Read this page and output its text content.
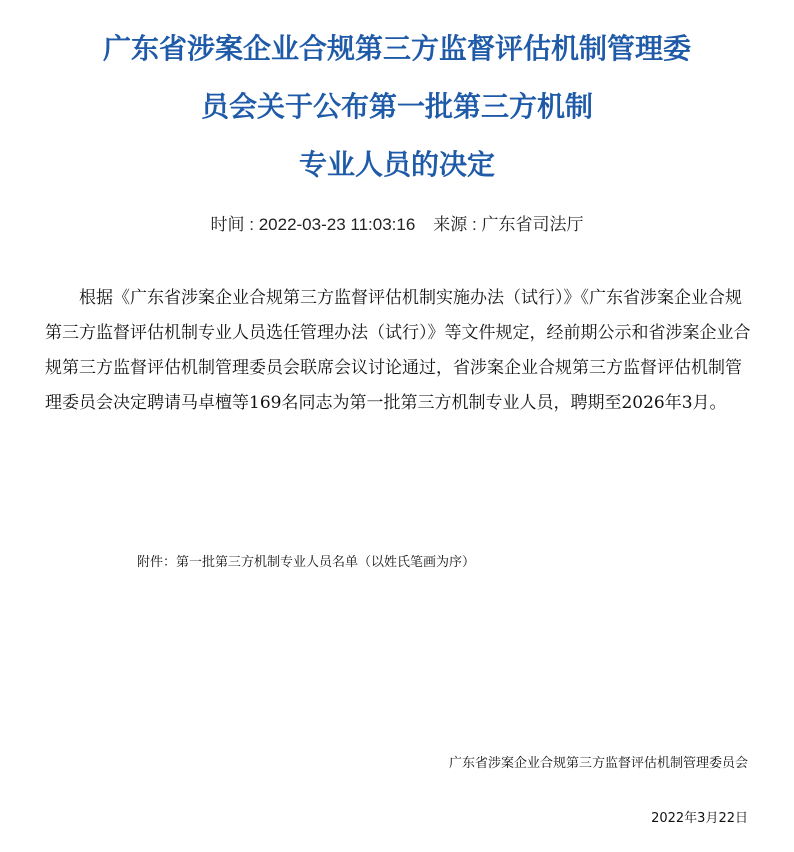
广东省涉案企业合规第三方监督评估机制管理委
员会关于公布第一批第三方机制
专业人员的决定
时间 : 2022-03-23 11:03:16 来源 : 广东省司法厅

根据《广东省涉案企业合规第三方监督评估机制实施办法（试行）》《广东省涉案企业合规第三方监督评估机制专业人员选任管理办法（试行）》等文件规定，经前期公示和省涉案企业合规第三方监督评估机制管理委员会联席会议讨论通过，省涉案企业合规第三方监督评估机制管理委员会决定聘请马卓檀等169名同志为第一批第三方机制专业人员，聘期至2026年3月。

附件：第一批第三方机制专业人员名单（以姓氏笔画为序）
广东省涉案企业合规第三方监督评估机制管理委员会
2022年3月22日
